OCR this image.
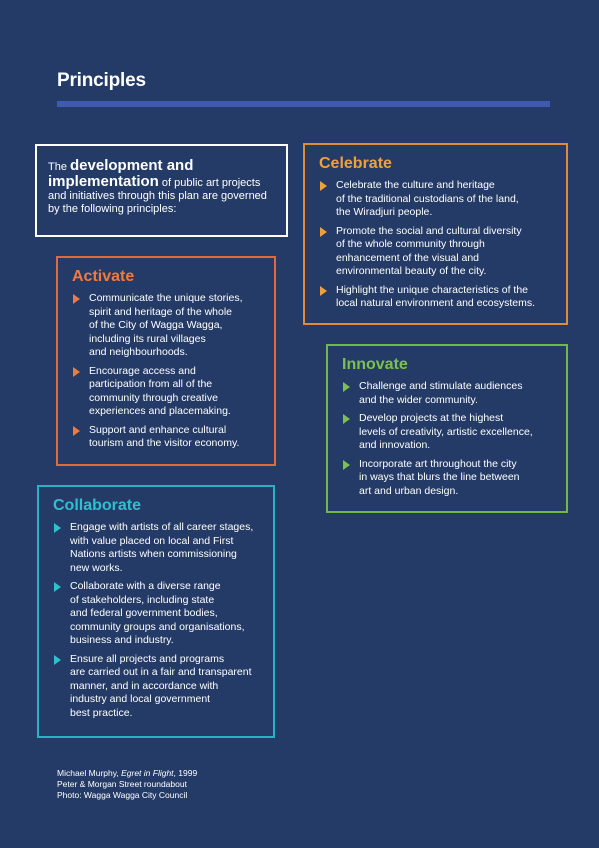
Principles
The development and implementation of public art projects and initiatives through this plan are governed by the following principles:
Celebrate
Celebrate the culture and heritage
of the traditional custodians of the land,
the Wiradjuri people.
Promote the social and cultural diversity
of the whole community through
enhancement of the visual and
environmental beauty of the city.
Highlight the unique characteristics of the
local natural environment and ecosystems.
Activate
Communicate the unique stories,
spirit and heritage of the whole
of the City of Wagga Wagga,
including its rural villages
and neighbourhoods.
Encourage access and
participation from all of the
community through creative
experiences and placemaking.
Support and enhance cultural
tourism and the visitor economy.
Innovate
Challenge and stimulate audiences
and the wider community.
Develop projects at the highest
levels of creativity, artistic excellence,
and innovation.
Incorporate art throughout the city
in ways that blurs the line between
art and urban design.
Collaborate
Engage with artists of all career stages,
with value placed on local and First
Nations artists when commissioning
new works.
Collaborate with a diverse range
of stakeholders, including state
and federal government bodies,
community groups and organisations,
business and industry.
Ensure all projects and programs
are carried out in a fair and transparent
manner, and in accordance with
industry and local government
best practice.
Michael Murphy, Egret in Flight, 1999
Peter & Morgan Street roundabout
Photo: Wagga Wagga City Council
